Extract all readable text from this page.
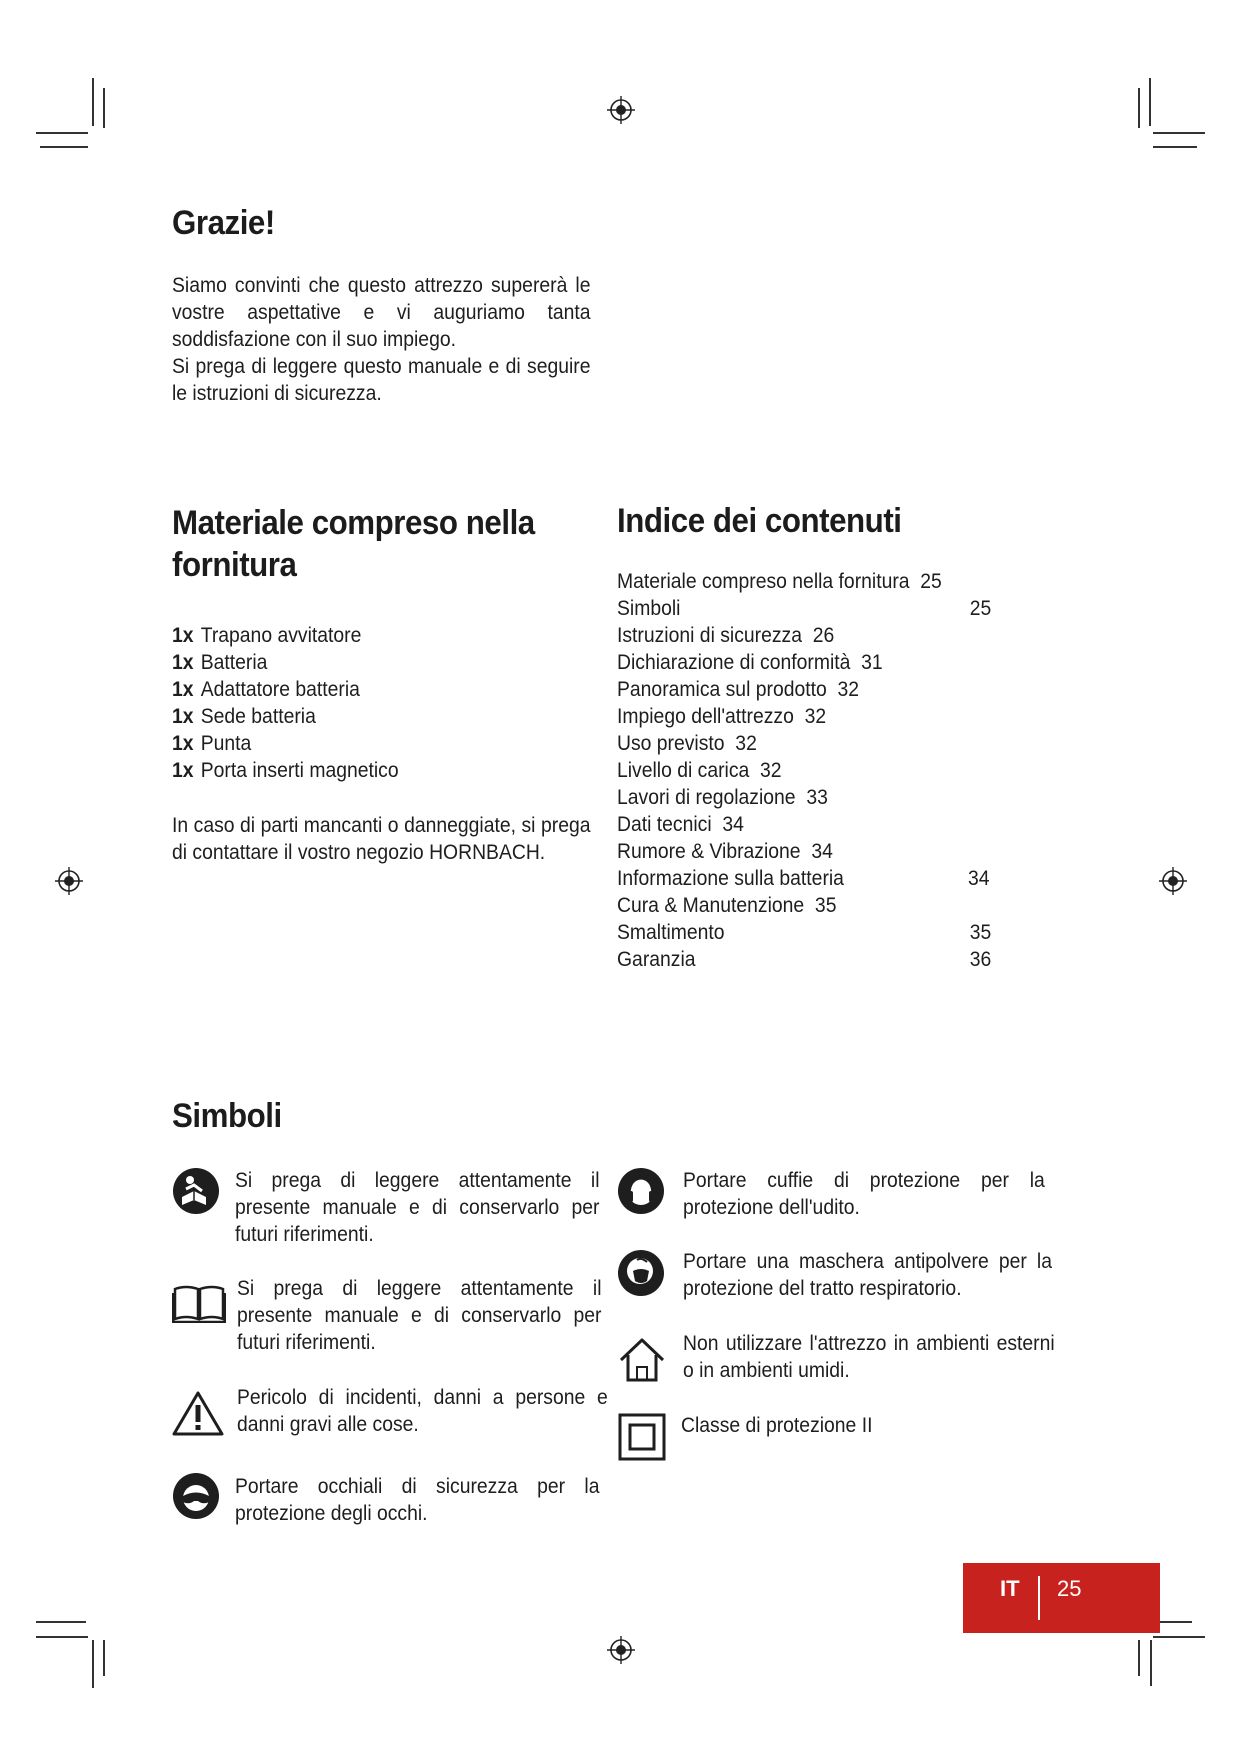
Grazie!
Siamo convinti che questo attrezzo supererà le vostre aspettative e vi auguriamo tanta soddisfazione con il suo impiego.
Si prega di leggere questo manuale e di seguire le istruzioni di sicurezza.
Materiale compreso nella fornitura
1x Trapano avvitatore
1x Batteria
1x Adattatore batteria
1x Sede batteria
1x Punta
1x Porta inserti magnetico
In caso di parti mancanti o danneggiate, si prega di contattare il vostro negozio HORNBACH.
Indice dei contenuti
Materiale compreso nella fornitura 25
Simboli	25
Istruzioni di sicurezza 26
Dichiarazione di conformità 31
Panoramica sul prodotto 32
Impiego dell'attrezzo 32
Uso previsto 32
Livello di carica 32
Lavori di regolazione 33
Dati tecnici 34
Rumore & Vibrazione 34
Informazione sulla batteria	34
Cura & Manutenzione 35
Smaltimento	35
Garanzia	36
Simboli
Si prega di leggere attentamente il presente manuale e di conservarlo per futuri riferimenti.
Si prega di leggere attentamente il presente manuale e di conservarlo per futuri riferimenti.
Pericolo di incidenti, danni a persone e danni gravi alle cose.
Portare occhiali di sicurezza per la protezione degli occhi.
Portare cuffie di protezione per la protezione dell'udito.
Portare una maschera antipolvere per la protezione del tratto respiratorio.
Non utilizzare l'attrezzo in ambienti esterni o in ambienti umidi.
Classe di protezione II
IT 25
